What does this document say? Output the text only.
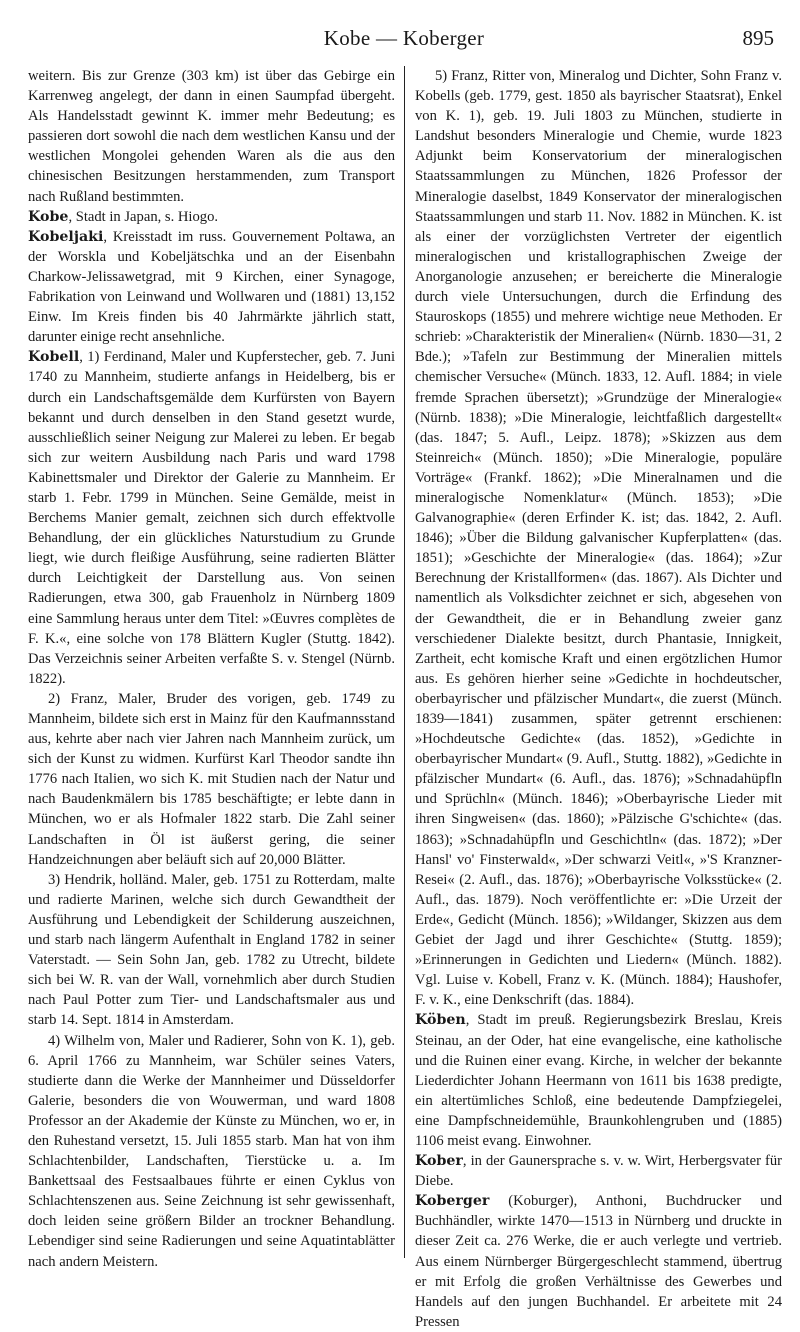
Kobe — Koberger	895

weitern. Bis zur Grenze (303 km) ist über das Gebirge ein Karrenweg angelegt, der dann in einen Saumpfad übergeht. Als Handelsstadt gewinnt K. immer mehr Bedeutung; es passieren dort sowohl die nach dem westlichen Kansu und der westlichen Mongolei gehenden Waren als die aus den chinesischen Besitzungen herstammenden, zum Transport nach Rußland bestimmten.

Kobe, Stadt in Japan, s. Hiogo.

Kobeljaki, Kreisstadt im russ. Gouvernement Poltawa, an der Worskla und Kobeljätschka und an der Eisenbahn Charkow-Jelissawetgrad, mit 9 Kirchen, einer Synagoge, Fabrikation von Leinwand und Wollwaren und (1881) 13,152 Einw. Im Kreis finden bis 40 Jahrmärkte jährlich statt, darunter einige recht ansehnliche.

Kobell, 1) Ferdinand, Maler und Kupferstecher, geb. 7. Juni 1740 zu Mannheim, studierte anfangs in Heidelberg, bis er durch ein Landschaftsgemälde dem Kurfürsten von Bayern bekannt und durch denselben in den Stand gesetzt wurde, ausschließlich seiner Neigung zur Malerei zu leben. Er begab sich zur weitern Ausbildung nach Paris und ward 1798 Kabinettsmaler und Direktor der Galerie zu Mannheim. Er starb 1. Febr. 1799 in München. Seine Gemälde, meist in Berchems Manier gemalt, zeichnen sich durch effektvolle Behandlung, der ein glückliches Naturstudium zu Grunde liegt, wie durch fleißige Ausführung, seine radierten Blätter durch Leichtigkeit der Darstellung aus. Von seinen Radierungen, etwa 300, gab Frauenholz in Nürnberg 1809 eine Sammlung heraus unter dem Titel: »Œuvres complètes de F. K.«, eine solche von 178 Blättern Kugler (Stuttg. 1842). Das Verzeichnis seiner Arbeiten verfaßte S. v. Stengel (Nürnb. 1822).

2) Franz, Maler, Bruder des vorigen, geb. 1749 zu Mannheim, bildete sich erst in Mainz für den Kaufmannsstand aus, kehrte aber nach vier Jahren nach Mannheim zurück, um sich der Kunst zu widmen. Kurfürst Karl Theodor sandte ihn 1776 nach Italien, wo sich K. mit Studien nach der Natur und nach Baudenkmälern bis 1785 beschäftigte; er lebte dann in München, wo er als Hofmaler 1822 starb. Die Zahl seiner Landschaften in Öl ist äußerst gering, die seiner Handzeichnungen aber beläuft sich auf 20,000 Blätter.

3) Hendrik, holländ. Maler, geb. 1751 zu Rotterdam, malte und radierte Marinen, welche sich durch Gewandtheit der Ausführung und Lebendigkeit der Schilderung auszeichnen, und starb nach längerm Aufenthalt in England 1782 in seiner Vaterstadt. — Sein Sohn Jan, geb. 1782 zu Utrecht, bildete sich bei W. R. van der Wall, vornehmlich aber durch Studien nach Paul Potter zum Tier- und Landschaftsmaler aus und starb 14. Sept. 1814 in Amsterdam.

4) Wilhelm von, Maler und Radierer, Sohn von K. 1), geb. 6. April 1766 zu Mannheim, war Schüler seines Vaters, studierte dann die Werke der Mannheimer und Düsseldorfer Galerie, besonders die von Wouwerman, und ward 1808 Professor an der Akademie der Künste zu München, wo er, in den Ruhestand versetzt, 15. Juli 1855 starb. Man hat von ihm Schlachtenbilder, Landschaften, Tierstücke u. a. Im Bankettsaal des Festsaalbaues führte er einen Cyklus von Schlachtenszenen aus. Seine Zeichnung ist sehr gewissenhaft, doch leiden seine größern Bilder an trockner Behandlung. Lebendiger sind seine Radierungen und seine Aquatintablätter nach andern Meistern.

5) Franz, Ritter von, Mineralog und Dichter, Sohn Franz v. Kobells (geb. 1779, gest. 1850 als bayrischer Staatsrat), Enkel von K. 1), geb. 19. Juli 1803 zu München, studierte in Landshut besonders Mineralogie und Chemie, wurde 1823 Adjunkt beim Konservatorium der mineralogischen Staatssammlungen zu München, 1826 Professor der Mineralogie daselbst, 1849 Konservator der mineralogischen Staatssammlungen und starb 11. Nov. 1882 in München. K. ist als einer der vorzüglichsten Vertreter der eigentlich mineralogischen und kristallographischen Zweige der Anorganologie anzusehen; er bereicherte die Mineralogie durch viele Untersuchungen, durch die Erfindung des Stauroskops (1855) und mehrere wichtige neue Methoden. Er schrieb: »Charakteristik der Mineralien« (Nürnb. 1830—31, 2 Bde.); »Tafeln zur Bestimmung der Mineralien mittels chemischer Versuche« (Münch. 1833, 12. Aufl. 1884; in viele fremde Sprachen übersetzt); »Grundzüge der Mineralogie« (Nürnb. 1838); »Die Mineralogie, leichtfaßlich dargestellt« (das. 1847; 5. Aufl., Leipz. 1878); »Skizzen aus dem Steinreich« (Münch. 1850); »Die Mineralogie, populäre Vorträge« (Frankf. 1862); »Die Mineralnamen und die mineralogische Nomenklatur« (Münch. 1853); »Die Galvanographie« (deren Erfinder K. ist; das. 1842, 2. Aufl. 1846); »Über die Bildung galvanischer Kupferplatten« (das. 1851); »Geschichte der Mineralogie« (das. 1864); »Zur Berechnung der Kristallformen« (das. 1867). Als Dichter und namentlich als Volksdichter zeichnet er sich, abgesehen von der Gewandtheit, die er in Behandlung zweier ganz verschiedener Dialekte besitzt, durch Phantasie, Innigkeit, Zartheit, echt komische Kraft und einen ergötzlichen Humor aus. Es gehören hierher seine »Gedichte in hochdeutscher, oberbayrischer und pfälzischer Mundart«, die zuerst (Münch. 1839—1841) zusammen, später getrennt erschienen: »Hochdeutsche Gedichte« (das. 1852), »Gedichte in oberbayrischer Mundart« (9. Aufl., Stuttg. 1882), »Gedichte in pfälzischer Mundart« (6. Aufl., das. 1876); »Schnadahüpfln und Sprüchln« (Münch. 1846); »Oberbayrische Lieder mit ihren Singweisen« (das. 1860); »Pälzische G'schichte« (das. 1863); »Schnadahüpfln und Geschichtln« (das. 1872); »Der Hansl' vo' Finsterwald«, »Der schwarzi Veitl«, »'S Kranzner-Resei« (2. Aufl., das. 1876); »Oberbayrische Volksstücke« (2. Aufl., das. 1879). Noch veröffentlichte er: »Die Urzeit der Erde«, Gedicht (Münch. 1856); »Wildanger, Skizzen aus dem Gebiet der Jagd und ihrer Geschichte« (Stuttg. 1859); »Erinnerungen in Gedichten und Liedern« (Münch. 1882). Vgl. Luise v. Kobell, Franz v. K. (Münch. 1884); Haushofer, F. v. K., eine Denkschrift (das. 1884).

Köben, Stadt im preuß. Regierungsbezirk Breslau, Kreis Steinau, an der Oder, hat eine evangelische, eine katholische und die Ruinen einer evang. Kirche, in welcher der bekannte Liederdichter Johann Heermann von 1611 bis 1638 predigte, ein altertümliches Schloß, eine bedeutende Dampfziegelei, eine Dampfschneidemühle, Braunkohlengruben und (1885) 1106 meist evang. Einwohner.

Kober, in der Gaunersprache s. v. w. Wirt, Herbergsvater für Diebe.

Koberger (Koburger), Anthoni, Buchdrucker und Buchhändler, wirkte 1470—1513 in Nürnberg und druckte in dieser Zeit ca. 276 Werke, die er auch verlegte und vertrieb. Aus einem Nürnberger Bürgergeschlecht stammend, übertrug er mit Erfolg die großen Verhältnisse des Gewerbes und Handels auf den jungen Buchhandel. Er arbeitete mit 24 Pressen
